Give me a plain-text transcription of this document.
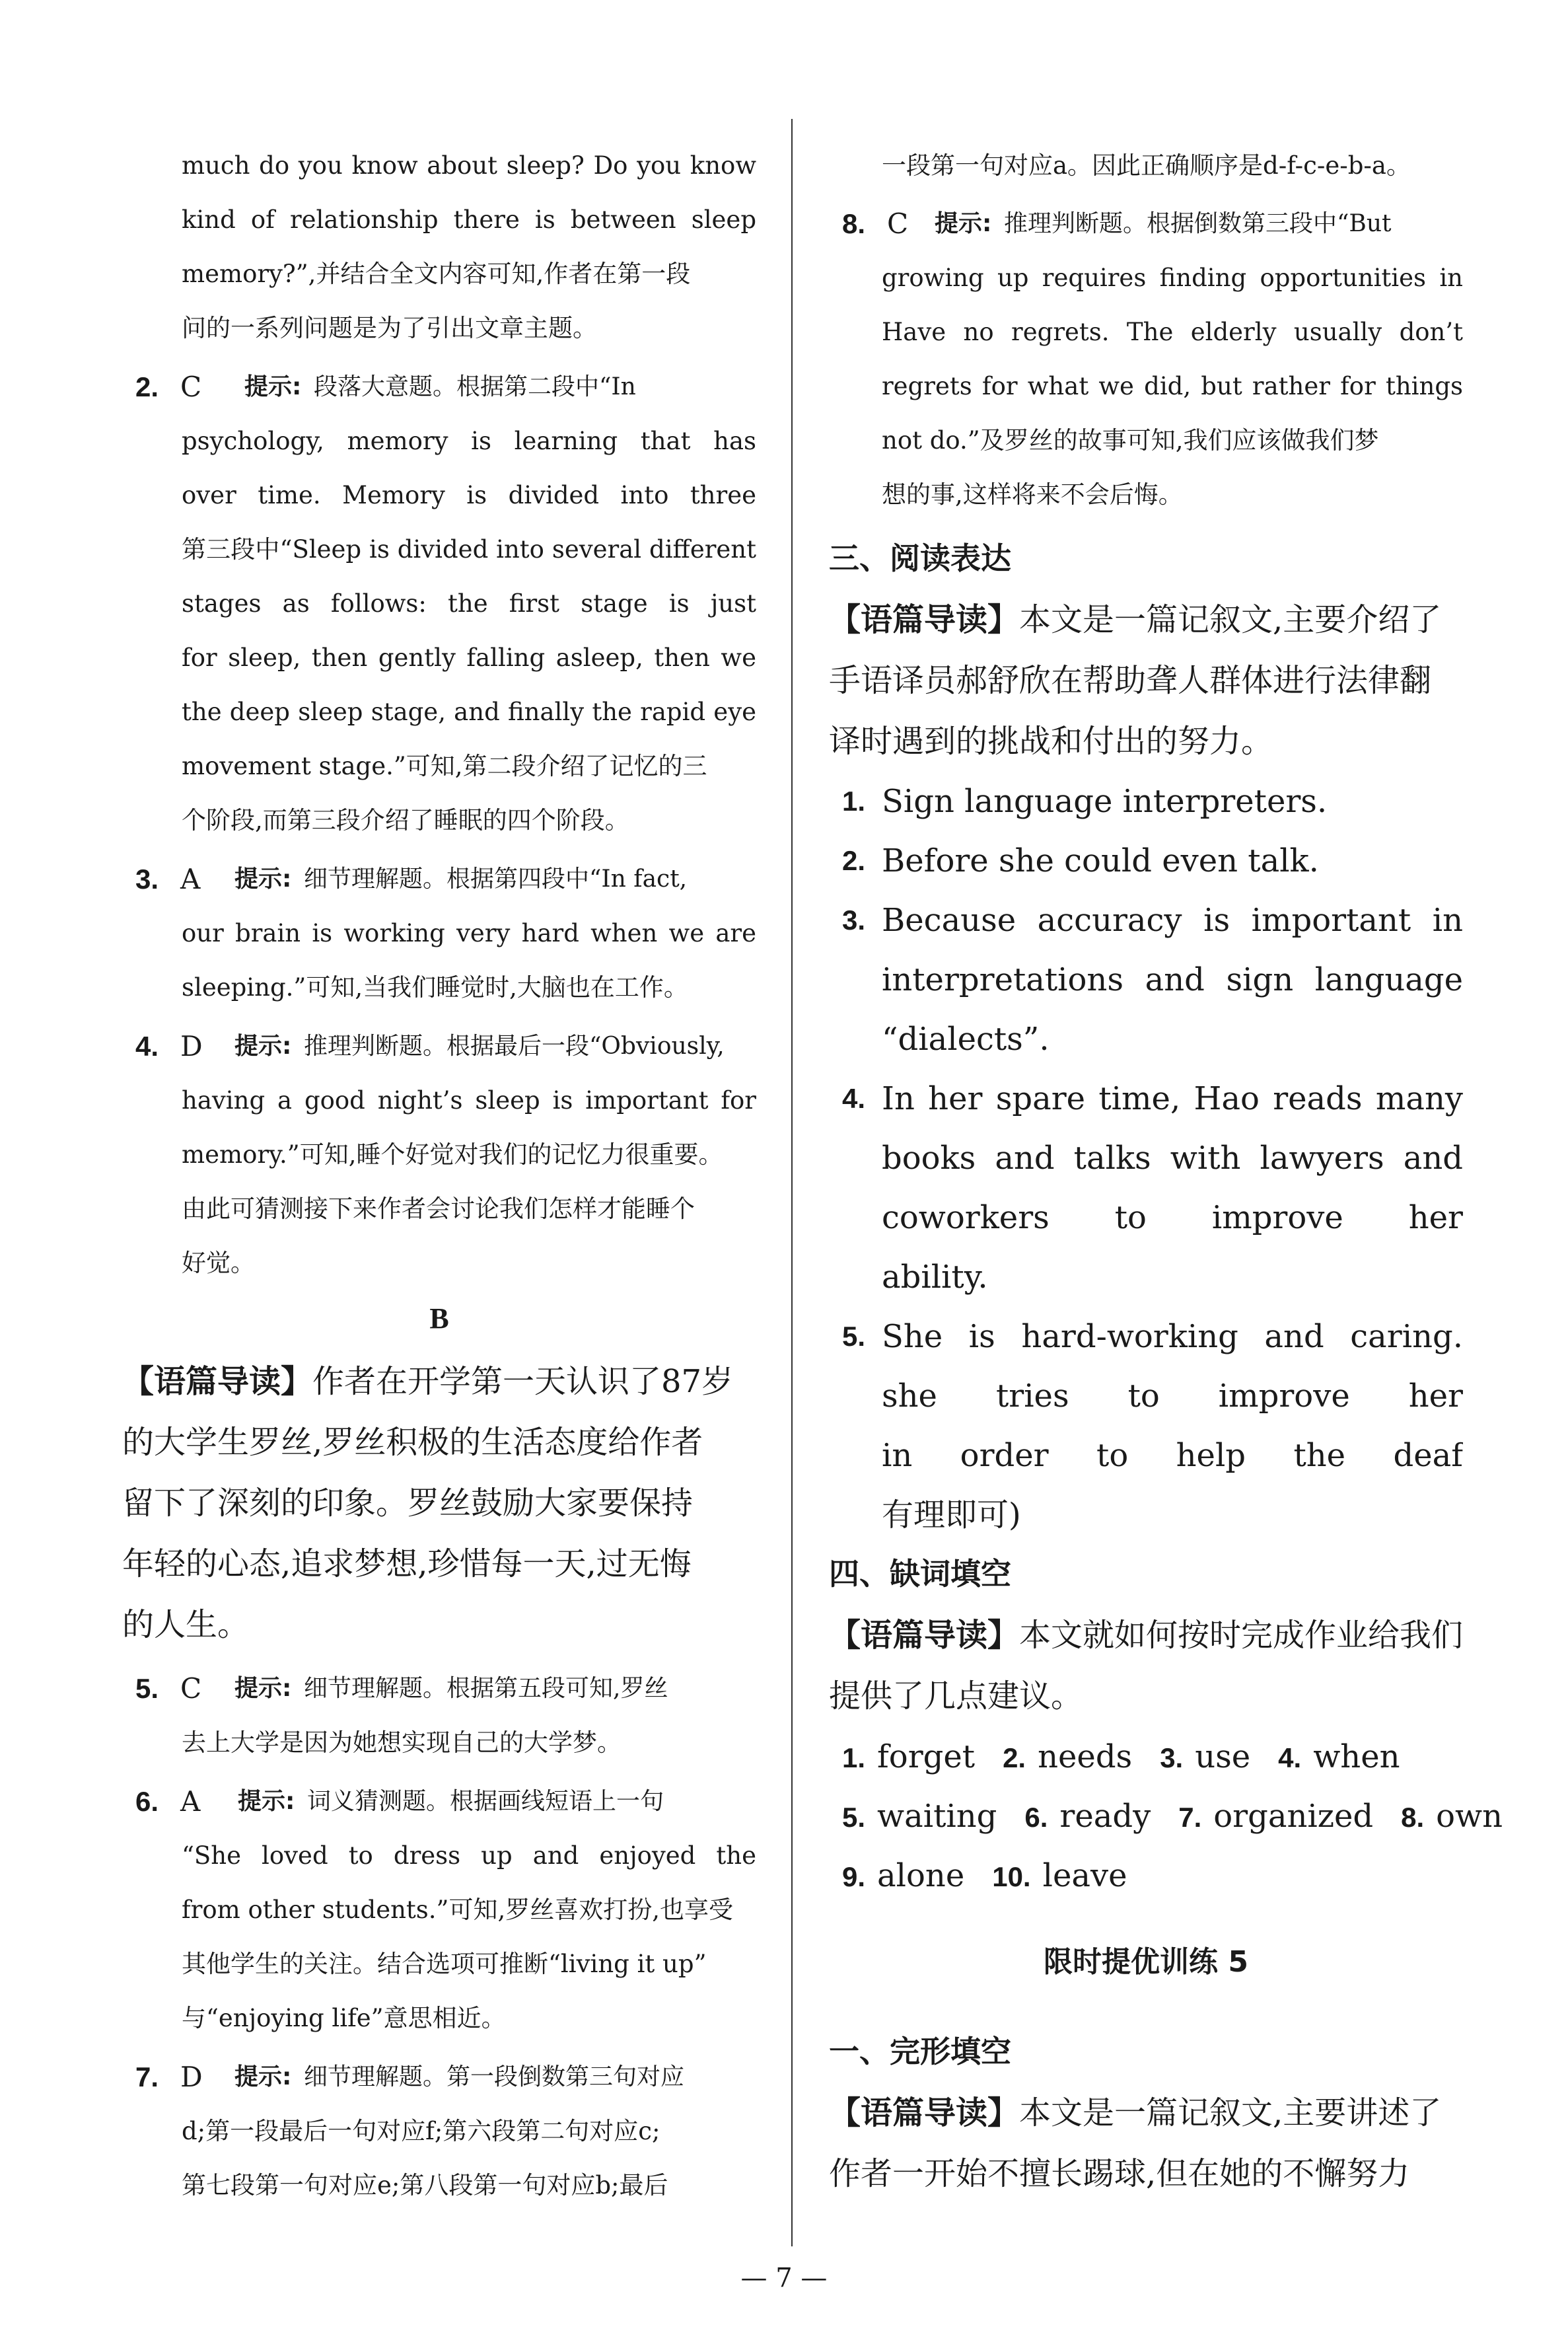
much do you know about sleep? Do you know
kind of relationship there is between sleep
memory?”,并结合全文内容可知,作者在第一段
问的一系列问题是为了引出文章主题。
2. C 提示: 段落大意题。根据第二段中“In
psychology, memory is learning that has
over time. Memory is divided into three
第三段中“Sleep is divided into several different
stages as follows: the first stage is just
for sleep, then gently falling asleep, then we
the deep sleep stage, and finally the rapid eye
movement stage.”可知,第二段介绍了记忆的三
个阶段,而第三段介绍了睡眠的四个阶段。
3. A 提示: 细节理解题。根据第四段中“In fact,
our brain is working very hard when we are
sleeping.”可知,当我们睡觉时,大脑也在工作。
4. D 提示: 推理判断题。根据最后一段“Obviously,
having a good night’s sleep is important for
memory.”可知,睡个好觉对我们的记忆力很重要。
由此可猜测接下来作者会讨论我们怎样才能睡个
好觉。
B
【语篇导读】作者在开学第一天认识了87岁
的大学生罗丝,罗丝积极的生活态度给作者
留下了深刻的印象。罗丝鼓励大家要保持
年轻的心态,追求梦想,珍惜每一天,过无悔
的人生。
5. C 提示: 细节理解题。根据第五段可知,罗丝
去上大学是因为她想实现自己的大学梦。
6. A 提示: 词义猜测题。根据画线短语上一句
“She loved to dress up and enjoyed the
from other students.”可知,罗丝喜欢打扮,也享受
其他学生的关注。结合选项可推断“living it up”
与“enjoying life”意思相近。
7. D 提示: 细节理解题。第一段倒数第三句对应
d;第一段最后一句对应f;第六段第二句对应c;
第七段第一句对应e;第八段第一句对应b;最后
一段第一句对应a。因此正确顺序是d-f-c-e-b-a。
8. C 提示: 推理判断题。根据倒数第三段中“But
growing up requires finding opportunities in
Have no regrets. The elderly usually don’t
regrets for what we did, but rather for things
not do.”及罗丝的故事可知,我们应该做我们梦
想的事,这样将来不会后悔。
三、阅读表达
【语篇导读】本文是一篇记叙文,主要介绍了
手语译员郝舒欣在帮助聋人群体进行法律翻
译时遇到的挑战和付出的努力。
1. Sign language interpreters.
2. Before she could even talk.
3. Because accuracy is important in
interpretations and sign language
“dialects”.
4. In her spare time, Hao reads many
books and talks with lawyers and
coworkers to improve her
ability.
5. She is hard-working and caring.
she tries to improve her
in order to help the deaf
有理即可)
四、缺词填空
【语篇导读】本文就如何按时完成作业给我们
提供了几点建议。
1. forget 2. needs 3. use 4. when
5. waiting 6. ready 7. organized 8. own
9. alone 10. leave
限时提优训练 5
一、完形填空
【语篇导读】本文是一篇记叙文,主要讲述了
作者一开始不擅长踢球,但在她的不懈努力
— 7 —
